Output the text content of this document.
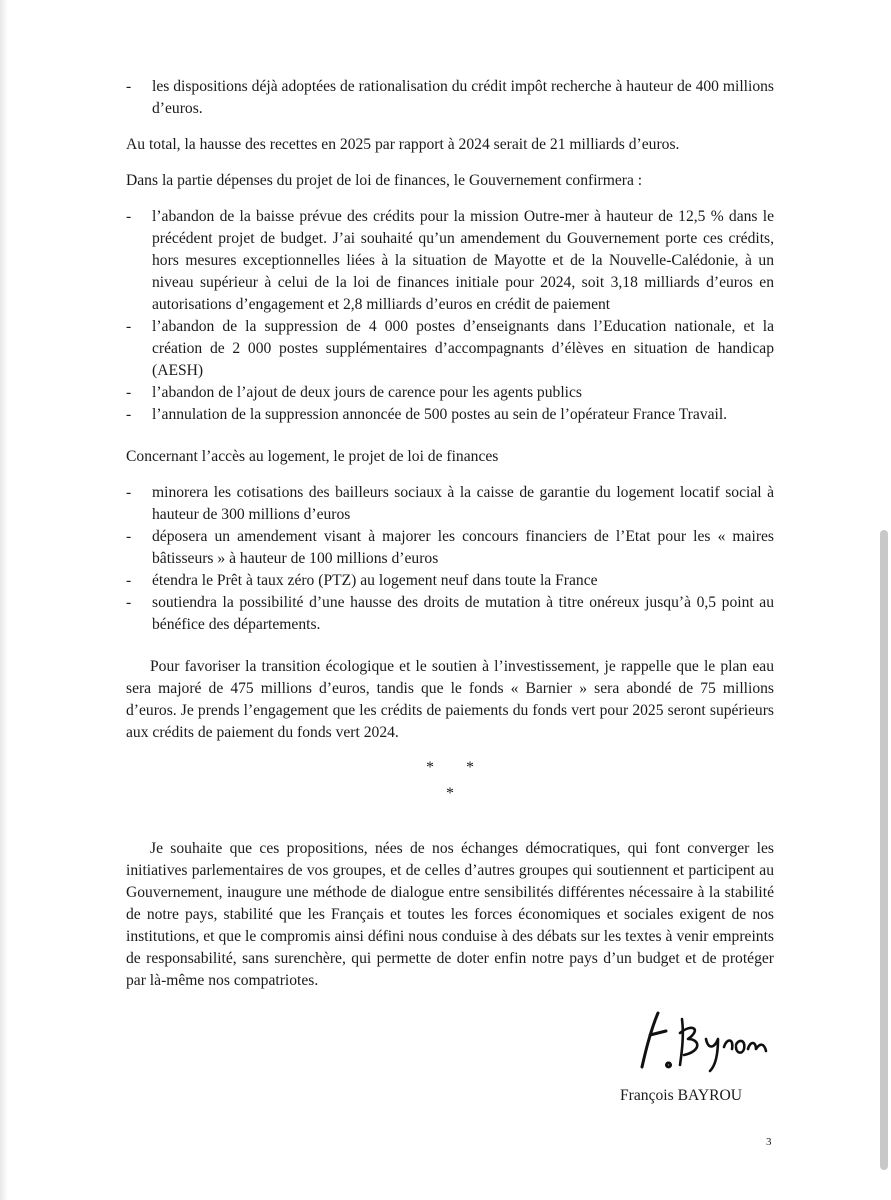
- les dispositions déjà adoptées de rationalisation du crédit impôt recherche à hauteur de 400 millions d’euros.

Au total, la hausse des recettes en 2025 par rapport à 2024 serait de 21 milliards d’euros.

Dans la partie dépenses du projet de loi de finances, le Gouvernement confirmera :

- l’abandon de la baisse prévue des crédits pour la mission Outre-mer à hauteur de 12,5 % dans le précédent projet de budget. J’ai souhaité qu’un amendement du Gouvernement porte ces crédits, hors mesures exceptionnelles liées à la situation de Mayotte et de la Nouvelle-Calédonie, à un niveau supérieur à celui de la loi de finances initiale pour 2024, soit 3,18 milliards d’euros en autorisations d’engagement et 2,8 milliards d’euros en crédit de paiement
- l’abandon de la suppression de 4 000 postes d’enseignants dans l’Education nationale, et la création de 2 000 postes supplémentaires d’accompagnants d’élèves en situation de handicap (AESH)
- l’abandon de l’ajout de deux jours de carence pour les agents publics
- l’annulation de la suppression annoncée de 500 postes au sein de l’opérateur France Travail.

Concernant l’accès au logement, le projet de loi de finances

- minorera les cotisations des bailleurs sociaux à la caisse de garantie du logement locatif social à hauteur de 300 millions d’euros
- déposera un amendement visant à majorer les concours financiers de l’Etat pour les « maires bâtisseurs » à hauteur de 100 millions d’euros
- étendra le Prêt à taux zéro (PTZ) au logement neuf dans toute la France
- soutiendra la possibilité d’une hausse des droits de mutation à titre onéreux jusqu’à 0,5 point au bénéfice des départements.

Pour favoriser la transition écologique et le soutien à l’investissement, je rappelle que le plan eau sera majoré de 475 millions d’euros, tandis que le fonds « Barnier » sera abondé de 75 millions d’euros. Je prends l’engagement que les crédits de paiements du fonds vert pour 2025 seront supérieurs aux crédits de paiement du fonds vert 2024.

* *
*

Je souhaite que ces propositions, nées de nos échanges démocratiques, qui font converger les initiatives parlementaires de vos groupes, et de celles d’autres groupes qui soutiennent et participent au Gouvernement, inaugure une méthode de dialogue entre sensibilités différentes nécessaire à la stabilité de notre pays, stabilité que les Français et toutes les forces économiques et sociales exigent de nos institutions, et que le compromis ainsi défini nous conduise à des débats sur les textes à venir empreints de responsabilité, sans surenchère, qui permette de doter enfin notre pays d’un budget et de protéger par là-même nos compatriotes.

François BAYROU
3
